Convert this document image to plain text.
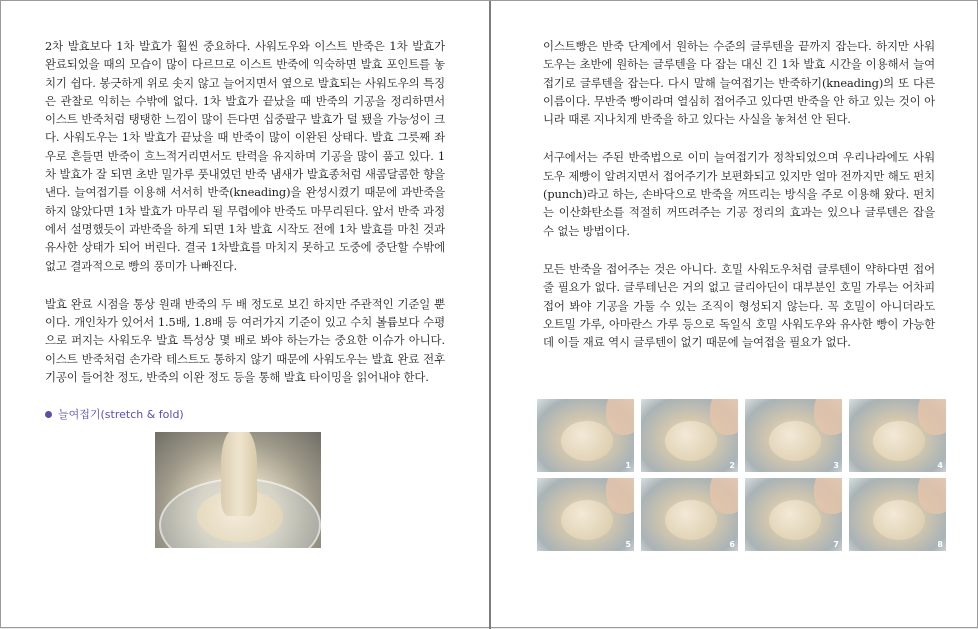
2차 발효보다 1차 발효가 훨씬 중요하다. 사워도우와 이스트 반죽은 1차 발효가 완료되었을 때의 모습이 많이 다르므로 이스트 반죽에 익숙하면 발효 포인트를 놓치기 쉽다. 봉긋하게 위로 솟지 않고 늘어지면서 옆으로 발효되는 사워도우의 특징은 관찰로 익히는 수밖에 없다. 1차 발효가 끝났을 때 반죽의 기공을 정리하면서 이스트 반죽처럼 탱탱한 느낌이 많이 든다면 십중팔구 발효가 덜 됐을 가능성이 크다. 사워도우는 1차 발효가 끝났을 때 반죽이 많이 이완된 상태다. 발효 그릇째 좌우로 흔들면 반죽이 흐느적거리면서도 탄력을 유지하며 기공을 많이 품고 있다. 1차 발효가 잘 되면 초반 밀가루 풋내였던 반죽 냄새가 발효종처럼 새콤달콤한 향을 낸다. 늘여접기를 이용해 서서히 반죽(kneading)을 완성시켰기 때문에 과반죽을 하지 않았다면 1차 발효가 마무리 될 무렵에야 반죽도 마무리된다. 앞서 반죽 과정에서 설명했듯이 과반죽을 하게 되면 1차 발효 시작도 전에 1차 발효를 마친 것과 유사한 상태가 되어 버린다. 결국 1차발효를 마치지 못하고 도중에 중단할 수밖에 없고 결과적으로 빵의 풍미가 나빠진다.

발효 완료 시점을 통상 원래 반죽의 두 배 정도로 보긴 하지만 주관적인 기준일 뿐이다. 개인차가 있어서 1.5배, 1.8배 등 여러가지 기준이 있고 수치 볼륨보다 수평으로 퍼지는 사워도우 발효 특성상 몇 배로 봐야 하는가는 중요한 이슈가 아니다. 이스트 반죽처럼 손가락 테스트도 통하지 않기 때문에 사워도우는 발효 완료 전후 기공이 들어찬 정도, 반죽의 이완 정도 등을 통해 발효 타이밍을 읽어내야 한다.

늘여접기(stretch & fold)

이스트빵은 반죽 단계에서 원하는 수준의 글루텐을 끝까지 잡는다. 하지만 사워도우는 초반에 원하는 글루텐을 다 잡는 대신 긴 1차 발효 시간을 이용해서 늘여접기로 글루텐을 잡는다. 다시 말해 늘여접기는 반죽하기(kneading)의 또 다른 이름이다. 무반죽 빵이라며 열심히 접어주고 있다면 반죽을 안 하고 있는 것이 아니라 때론 지나치게 반죽을 하고 있다는 사실을 놓쳐선 안 된다.

서구에서는 주된 반죽법으로 이미 늘여접기가 정착되었으며 우리나라에도 사워도우 제빵이 알려지면서 접어주기가 보편화되고 있지만 얼마 전까지만 해도 펀치(punch)라고 하는, 손바닥으로 반죽을 꺼뜨리는 방식을 주로 이용해 왔다. 펀치는 이산화탄소를 적절히 꺼뜨려주는 기공 정리의 효과는 있으나 글루텐은 잡을 수 없는 방법이다.

모든 반죽을 접어주는 것은 아니다. 호밀 사워도우처럼 글루텐이 약하다면 접어줄 필요가 없다. 글루테닌은 거의 없고 글리아딘이 대부분인 호밀 가루는 어차피 접어 봐야 기공을 가둘 수 있는 조직이 형성되지 않는다. 꼭 호밀이 아니더라도 오트밀 가루, 아마란스 가루 등으로 독일식 호밀 사워도우와 유사한 빵이 가능한데 이들 재료 역시 글루텐이 없기 때문에 늘여접을 필요가 없다.

1	2	3	4
5	6	7	8
